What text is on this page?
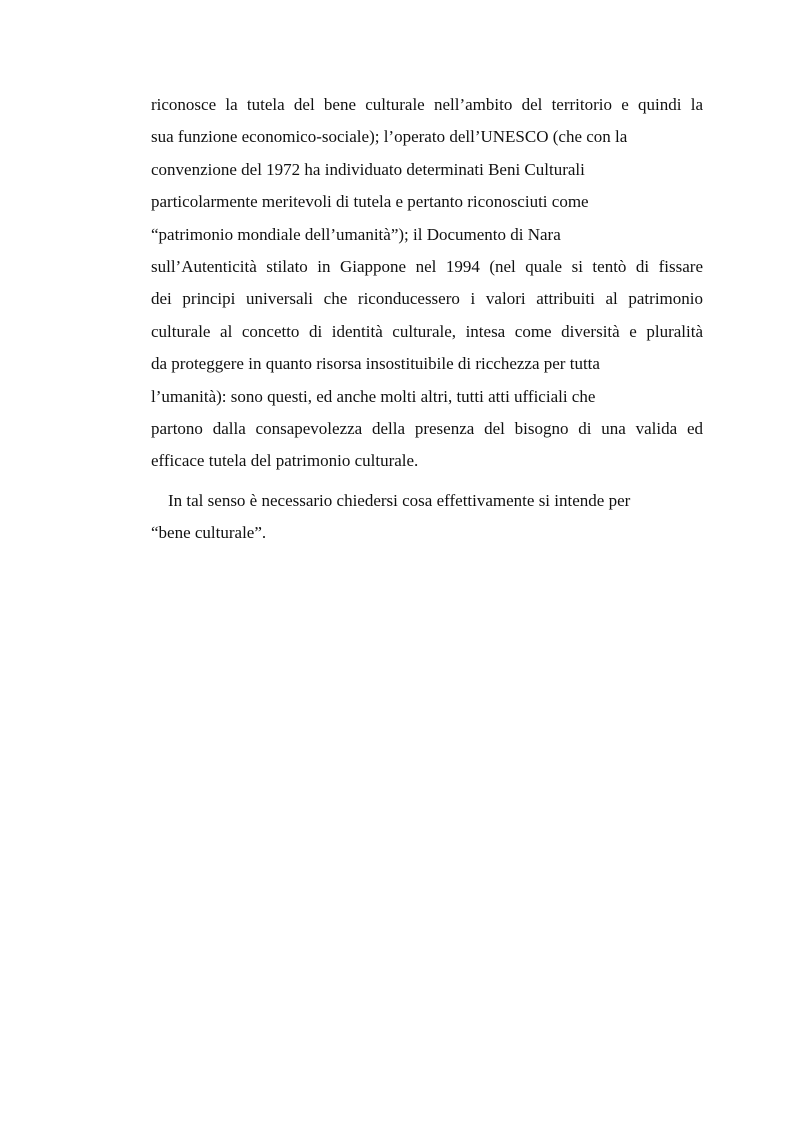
riconosce la tutela del bene culturale nell’ambito del territorio e quindi la
sua funzione economico-sociale); l’operato dell’UNESCO (che con la
convenzione del 1972 ha individuato determinati Beni Culturali
particolarmente meritevoli di tutela e pertanto riconosciuti come
“patrimonio mondiale dell’umanità”); il Documento di Nara
sull’Autenticità stilato in Giappone nel 1994 (nel quale si tentò di fissare
dei principi universali che riconducessero i valori attribuiti al patrimonio
culturale al concetto di identità culturale, intesa come diversità e pluralità
da proteggere in quanto risorsa insostituibile di ricchezza per tutta
l’umanità): sono questi, ed anche molti altri, tutti atti ufficiali che
partono dalla consapevolezza della presenza del bisogno di una valida ed
efficace tutela del patrimonio culturale.
In tal senso è necessario chiedersi cosa effettivamente si intende per
“bene culturale”.
